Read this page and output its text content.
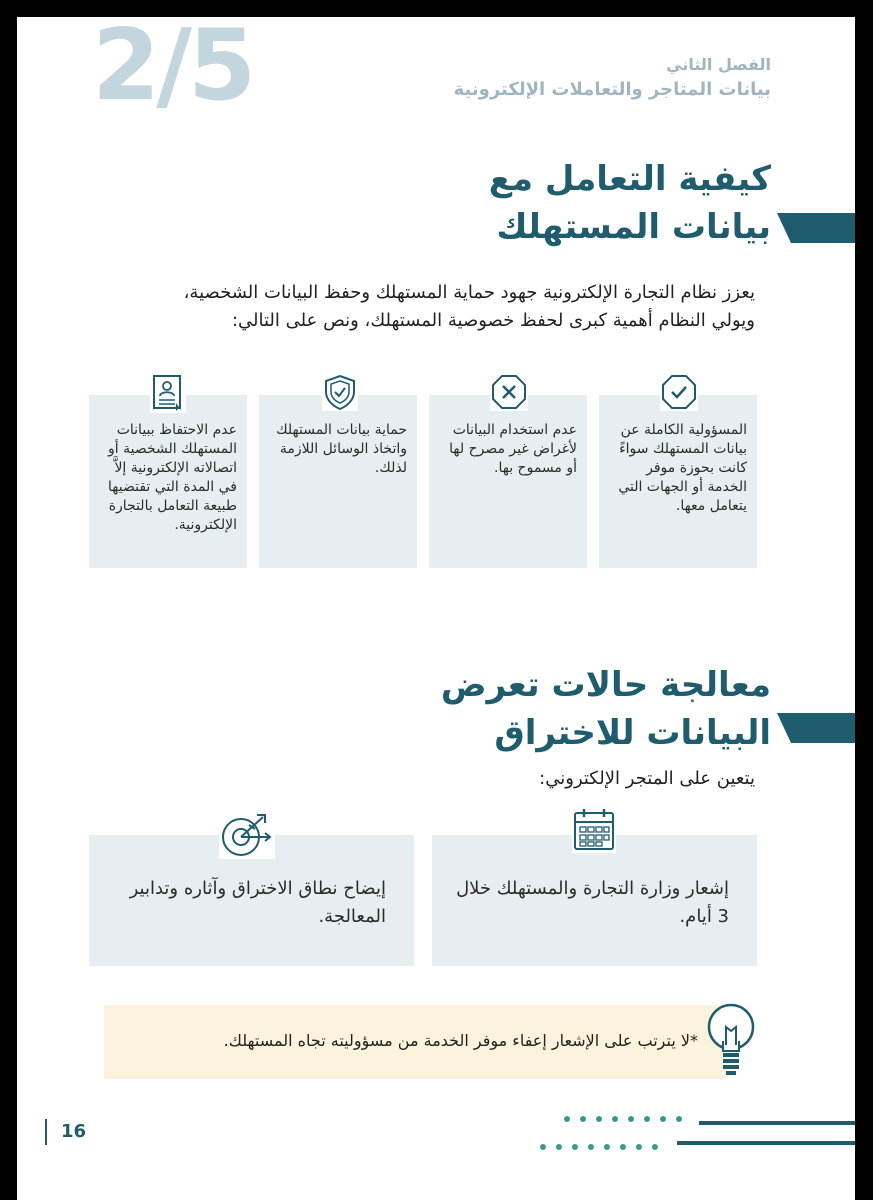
2/5	الفصل الثاني
بيانات المتاجر والتعاملات الإلكترونية
كيفية التعامل مع
بيانات المستهلك
يعزز نظام التجارة الإلكترونية جهود حماية المستهلك وحفظ البيانات الشخصية،
ويولي النظام أهمية كبرى لحفظ خصوصية المستهلك، ونص على التالي:
المسؤولية الكاملة عن بيانات المستهلك سواءً كانت بحوزة موفر الخدمة أو الجهات التي يتعامل معها.
عدم استخدام البيانات لأغراض غير مصرح لها أو مسموح بها.
حماية بيانات المستهلك واتخاذ الوسائل اللازمة لذلك.
عدم الاحتفاظ ببيانات المستهلك الشخصية أو اتصالاته الإلكترونية إلاَّ في المدة التي تقتضيها طبيعة التعامل بالتجارة الإلكترونية.
معالجة حالات تعرض
البيانات للاختراق
يتعين على المتجر الإلكتروني:
إشعار وزارة التجارة والمستهلك خلال 3 أيام.
إيضاح نطاق الاختراق وآثاره وتدابير المعالجة.
*لا يترتب على الإشعار إعفاء موفر الخدمة من مسؤوليته تجاه المستهلك.
16
